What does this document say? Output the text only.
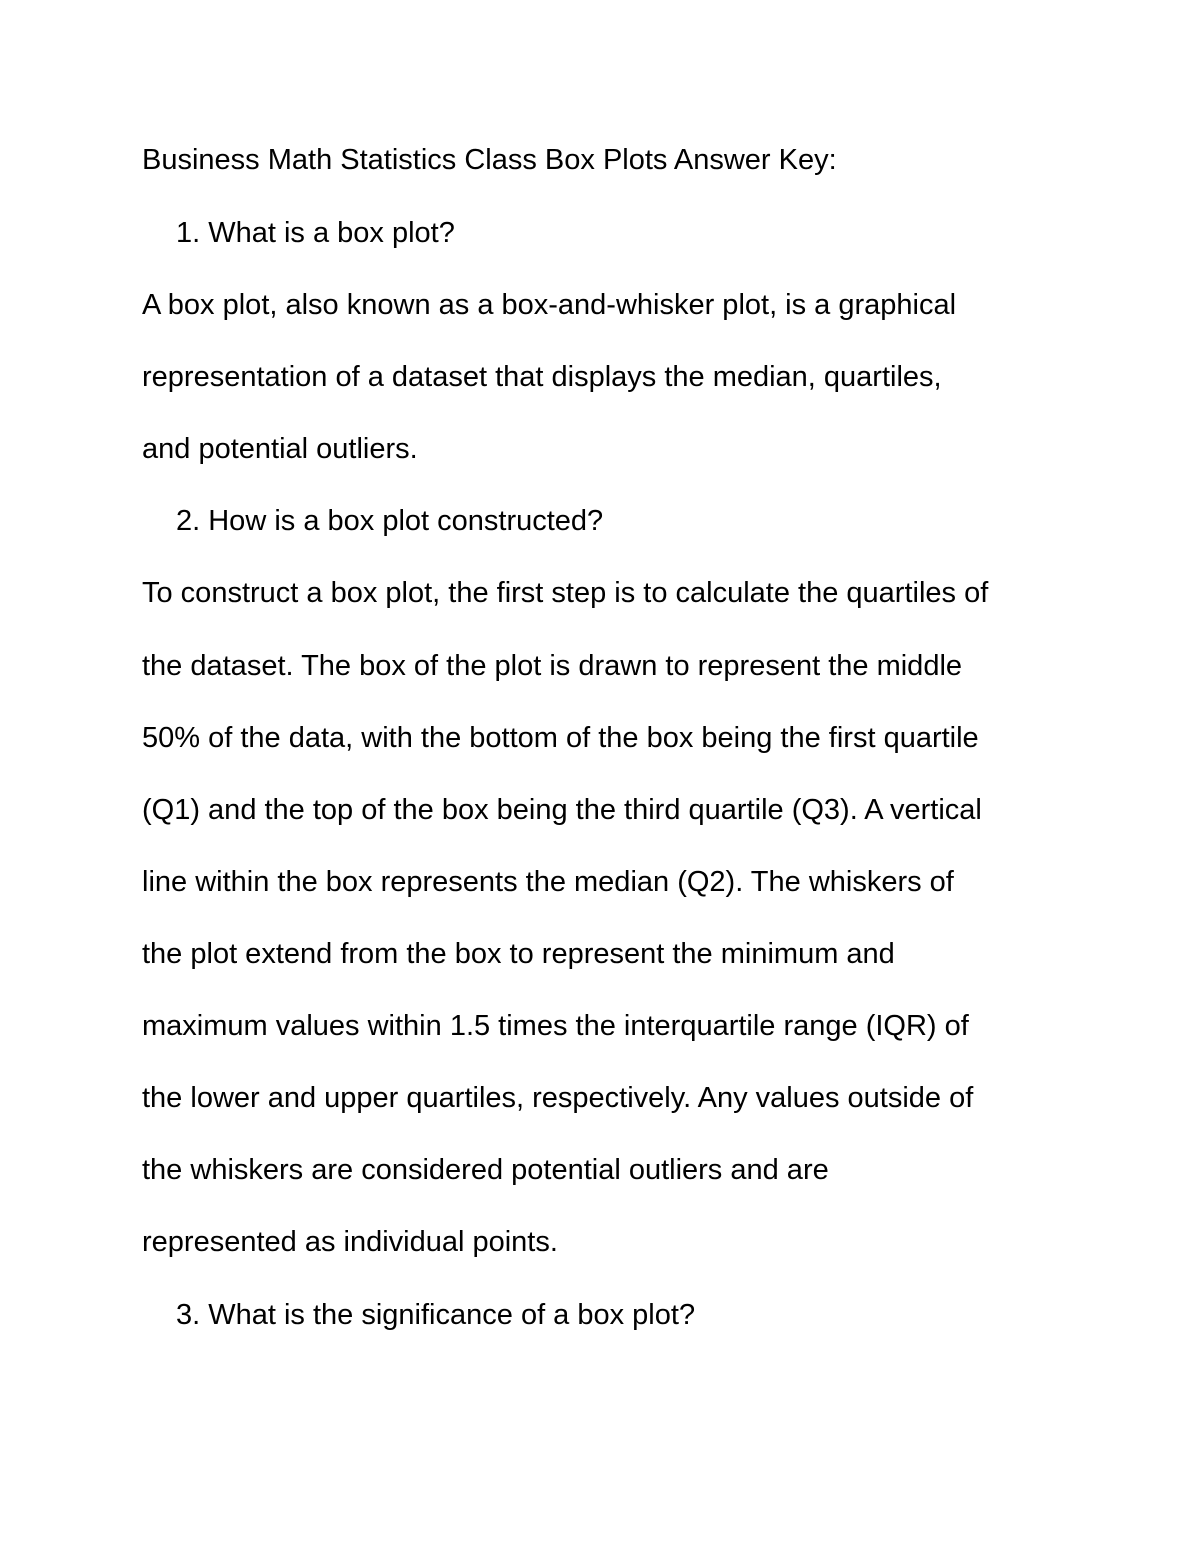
Business Math Statistics Class Box Plots Answer Key:
1. What is a box plot?
A box plot, also known as a box-and-whisker plot, is a graphical
representation of a dataset that displays the median, quartiles,
and potential outliers.
2. How is a box plot constructed?
To construct a box plot, the first step is to calculate the quartiles of
the dataset. The box of the plot is drawn to represent the middle
50% of the data, with the bottom of the box being the first quartile
(Q1) and the top of the box being the third quartile (Q3). A vertical
line within the box represents the median (Q2). The whiskers of
the plot extend from the box to represent the minimum and
maximum values within 1.5 times the interquartile range (IQR) of
the lower and upper quartiles, respectively. Any values outside of
the whiskers are considered potential outliers and are
represented as individual points.
3. What is the significance of a box plot?
